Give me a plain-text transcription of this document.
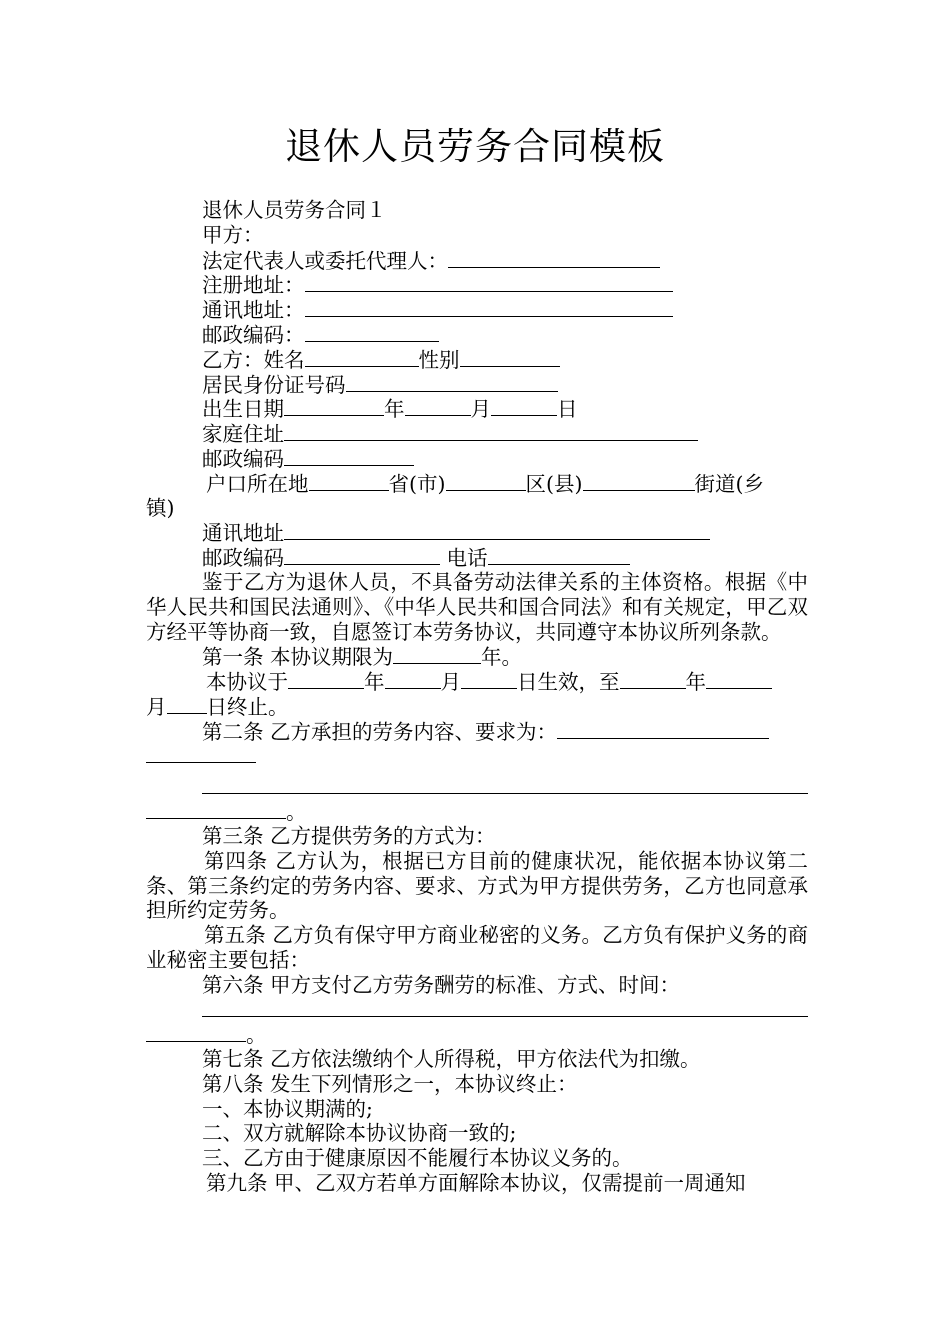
退休人员劳务合同模板
退休人员劳务合同１
甲方：
法定代表人或委托代理人：
注册地址：
通讯地址：
邮政编码：
乙方：姓名	性别
居民身份证号码
出生日期	年	月	日
家庭住址
邮政编码
户口所在地	省(市)	区(县)	街道(乡
镇)
通讯地址
邮政编码	电话
鉴于乙方为退休人员，不具备劳动法律关系的主体资格。根据《中华人民共和国民法通则》、《中华人民共和国合同法》和有关规定，甲乙双方经平等协商一致，自愿签订本劳务协议，共同遵守本协议所列条款。
第一条 本协议期限为	年。
本协议于	年	月	日生效，至	年
月 日终止。
第二条 乙方承担的劳务内容、要求为：
。
第三条 乙方提供劳务的方式为：
第四条 乙方认为，根据已方目前的健康状况，能依据本协议第二条、第三条约定的劳务内容、要求、方式为甲方提供劳务，乙方也同意承担所约定劳务。
第五条 乙方负有保守甲方商业秘密的义务。乙方负有保护义务的商业秘密主要包括：
第六条 甲方支付乙方劳务酬劳的标准、方式、时间：
。
第七条 乙方依法缴纳个人所得税，甲方依法代为扣缴。
第八条 发生下列情形之一，本协议终止：
一、本协议期满的;
二、双方就解除本协议协商一致的;
三、乙方由于健康原因不能履行本协议义务的。
第九条 甲、乙双方若单方面解除本协议，仅需提前一周通知
